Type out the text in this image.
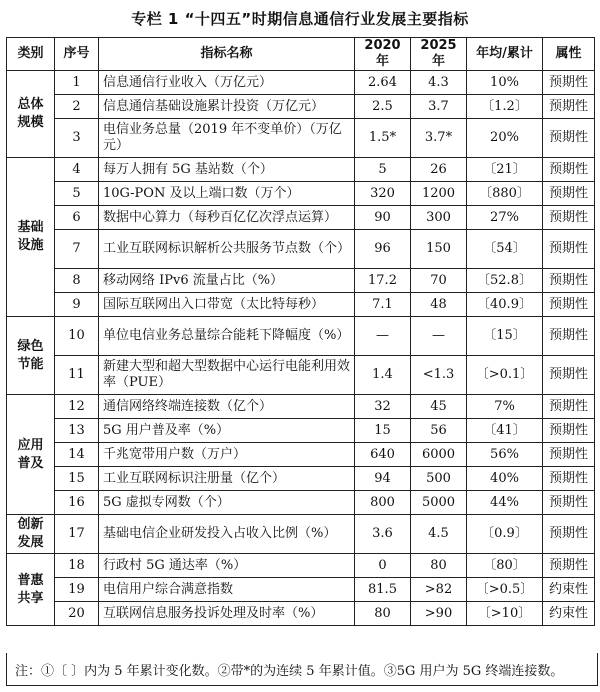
专栏 1 “十四五”时期信息通信行业发展主要指标
类别	序号	指标名称	2020 年	2025 年	年均/累计	属性
总体规模	1	信息通信行业收入（万亿元）	2.64	4.3	10%	预期性
	2	信息通信基础设施累计投资（万亿元）	2.5	3.7	〔1.2〕	预期性
	3	电信业务总量（2019 年不变单价）（万亿元）	1.5*	3.7*	20%	预期性
基础设施	4	每万人拥有 5G 基站数（个）	5	26	〔21〕	预期性
	5	10G-PON 及以上端口数（万个）	320	1200	〔880〕	预期性
	6	数据中心算力（每秒百亿亿次浮点运算）	90	300	27%	预期性
	7	工业互联网标识解析公共服务节点数（个）	96	150	〔54〕	预期性
	8	移动网络 IPv6 流量占比（%）	17.2	70	〔52.8〕	预期性
	9	国际互联网出入口带宽（太比特每秒）	7.1	48	〔40.9〕	预期性
绿色节能	10	单位电信业务总量综合能耗下降幅度（%）	—	—	〔15〕	预期性
	11	新建大型和超大型数据中心运行电能利用效率（PUE）	1.4	<1.3	〔>0.1〕	预期性
应用普及	12	通信网络终端连接数（亿个）	32	45	7%	预期性
	13	5G 用户普及率（%）	15	56	〔41〕	预期性
	14	千兆宽带用户数（万户）	640	6000	56%	预期性
	15	工业互联网标识注册量（亿个）	94	500	40%	预期性
	16	5G 虚拟专网数（个）	800	5000	44%	预期性
创新发展	17	基础电信企业研发投入占收入比例（%）	3.6	4.5	〔0.9〕	预期性
普惠共享	18	行政村 5G 通达率（%）	0	80	〔80〕	预期性
	19	电信用户综合满意指数	81.5	>82	〔>0.5〕	约束性
	20	互联网信息服务投诉处理及时率（%）	80	>90	〔>10〕	约束性
注：①〔 〕内为 5 年累计变化数。②带*的为连续 5 年累计值。③5G 用户为 5G 终端连接数。
